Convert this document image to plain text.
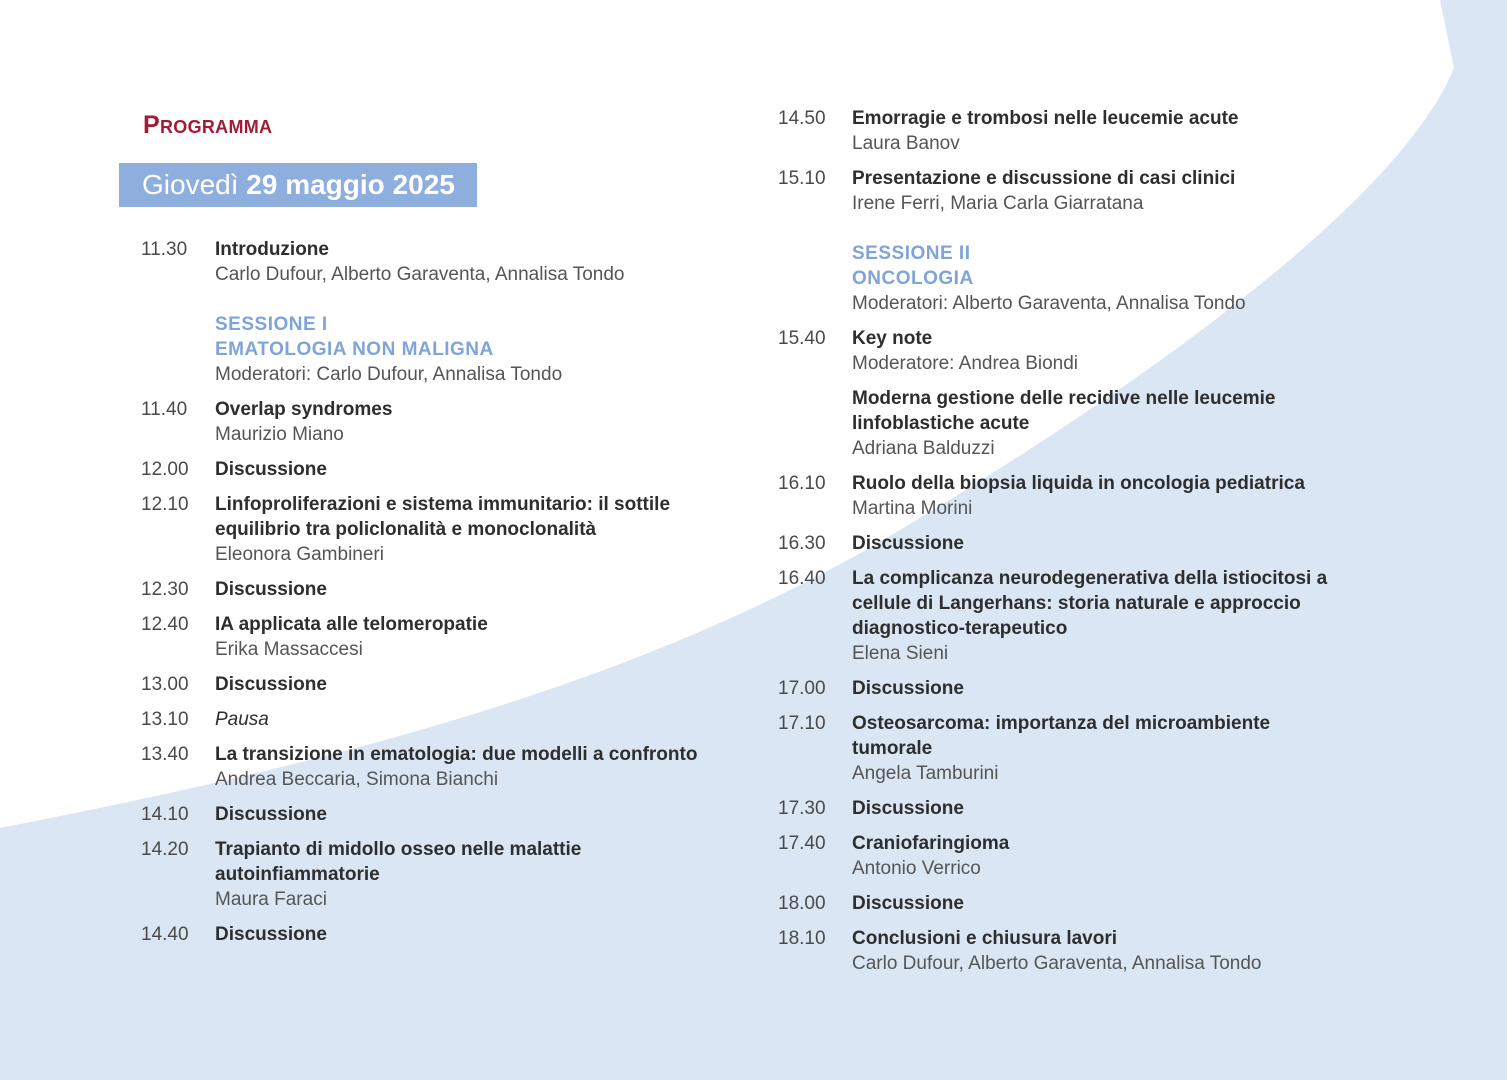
Programma
Giovedì 29 maggio 2025
11.30	Introduzione
Carlo Dufour, Alberto Garaventa, Annalisa Tondo
SESSIONE I
EMATOLOGIA NON MALIGNA
Moderatori: Carlo Dufour, Annalisa Tondo
11.40	Overlap syndromes
Maurizio Miano
12.00	Discussione
12.10	Linfoproliferazioni e sistema immunitario: il sottile equilibrio tra policlonalità e monoclonalità
Eleonora Gambineri
12.30	Discussione
12.40	IA applicata alle telomeropatie
Erika Massaccesi
13.00	Discussione
13.10	Pausa
13.40	La transizione in ematologia: due modelli a confronto
Andrea Beccaria, Simona Bianchi
14.10	Discussione
14.20	Trapianto di midollo osseo nelle malattie autoinfiammatorie
Maura Faraci
14.40	Discussione
14.50	Emorragie e trombosi nelle leucemie acute
Laura Banov
15.10	Presentazione e discussione di casi clinici
Irene Ferri, Maria Carla Giarratana
SESSIONE II
ONCOLOGIA
Moderatori: Alberto Garaventa, Annalisa Tondo
15.40	Key note
Moderatore: Andrea Biondi
Moderna gestione delle recidive nelle leucemie linfoblastiche acute
Adriana Balduzzi
16.10	Ruolo della biopsia liquida in oncologia pediatrica
Martina Morini
16.30	Discussione
16.40	La complicanza neurodegenerativa della istiocitosi a cellule di Langerhans: storia naturale e approccio diagnostico-terapeutico
Elena Sieni
17.00	Discussione
17.10	Osteosarcoma: importanza del microambiente tumorale
Angela Tamburini
17.30	Discussione
17.40	Craniofaringioma
Antonio Verrico
18.00	Discussione
18.10	Conclusioni e chiusura lavori
Carlo Dufour, Alberto Garaventa, Annalisa Tondo
